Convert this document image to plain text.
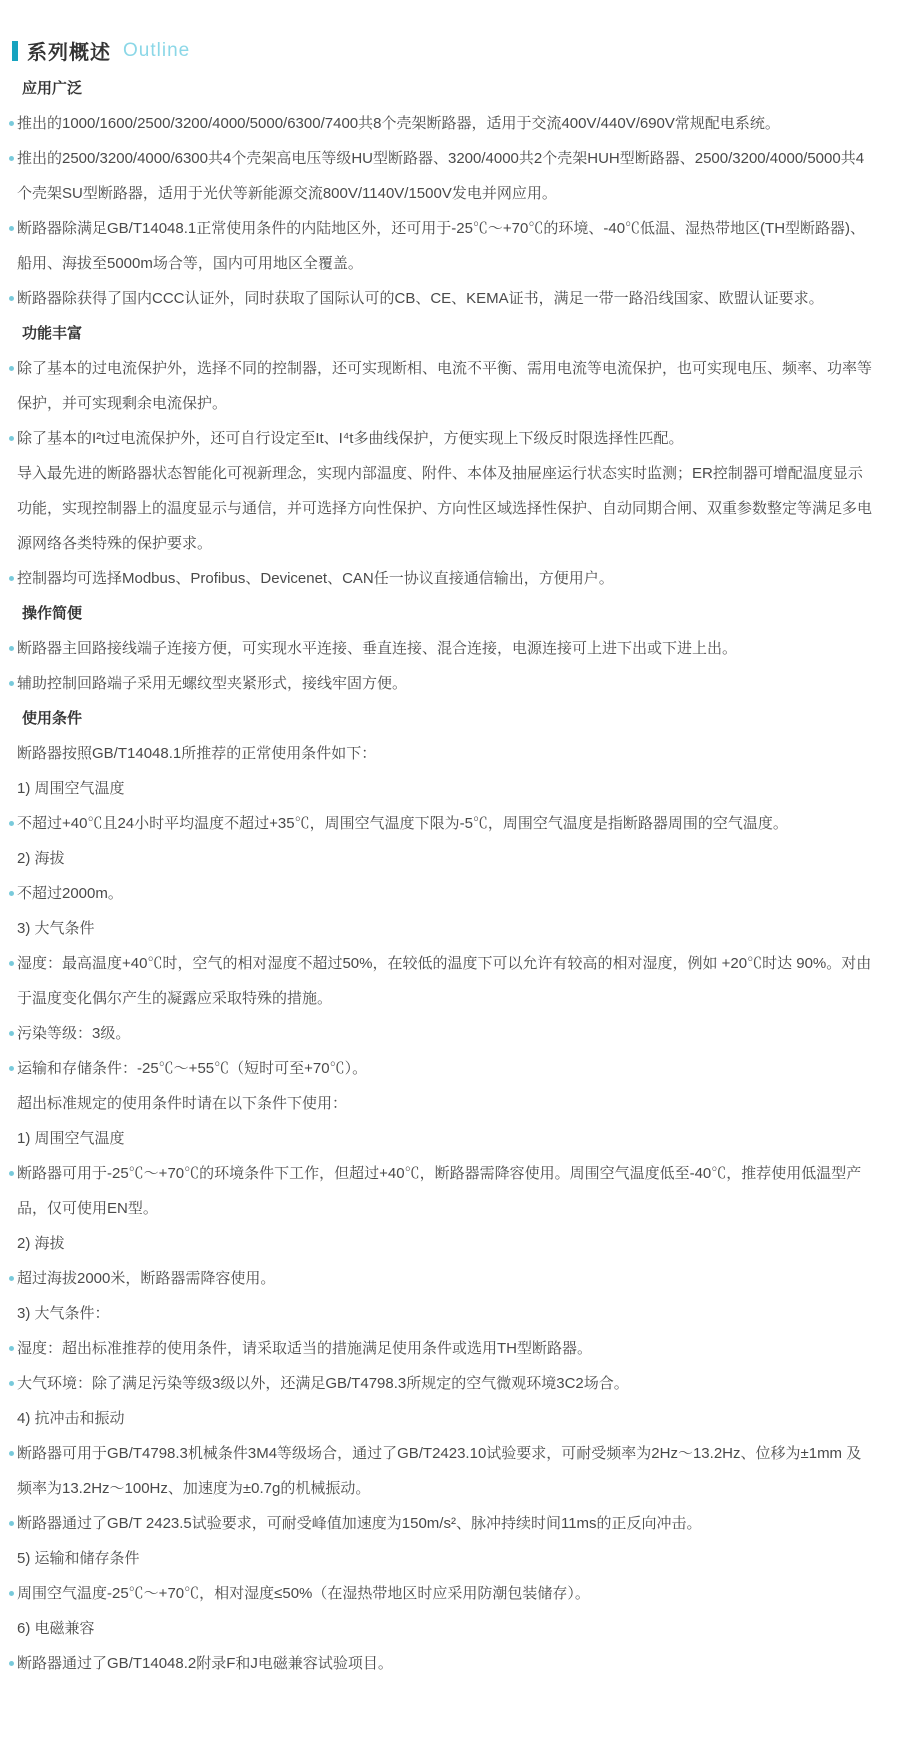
系列概述 Outline
应用广泛
推出的1000/1600/2500/3200/4000/5000/6300/7400共8个壳架断路器，适用于交流400V/440V/690V常规配电系统。
推出的2500/3200/4000/6300共4个壳架高电压等级HU型断路器、3200/4000共2个壳架HUH型断路器、2500/3200/4000/5000共4个壳架SU型断路器，适用于光伏等新能源交流800V/1140V/1500V发电并网应用。
断路器除满足GB/T14048.1正常使用条件的内陆地区外，还可用于-25℃～+70℃的环境、-40℃低温、湿热带地区(TH型断路器)、船用、海拔至5000m场合等，国内可用地区全覆盖。
断路器除获得了国内CCC认证外，同时获取了国际认可的CB、CE、KEMA证书，满足一带一路沿线国家、欧盟认证要求。
功能丰富
除了基本的过电流保护外，选择不同的控制器，还可实现断相、电流不平衡、需用电流等电流保护，也可实现电压、频率、功率等保护，并可实现剩余电流保护。
除了基本的I²t过电流保护外，还可自行设定至It、I⁴t多曲线保护，方便实现上下级反时限选择性匹配。
导入最先进的断路器状态智能化可视新理念，实现内部温度、附件、本体及抽屉座运行状态实时监测；ER控制器可增配温度显示功能，实现控制器上的温度显示与通信，并可选择方向性保护、方向性区域选择性保护、自动同期合闸、双重参数整定等满足多电源网络各类特殊的保护要求。
控制器均可选择Modbus、Profibus、Devicenet、CAN任一协议直接通信输出，方便用户。
操作简便
断路器主回路接线端子连接方便，可实现水平连接、垂直连接、混合连接，电源连接可上进下出或下进上出。
辅助控制回路端子采用无螺纹型夹紧形式，接线牢固方便。
使用条件
断路器按照GB/T14048.1所推荐的正常使用条件如下：
1) 周围空气温度
不超过+40℃且24小时平均温度不超过+35℃，周围空气温度下限为-5℃，周围空气温度是指断路器周围的空气温度。
2) 海拔
不超过2000m。
3) 大气条件
湿度：最高温度+40℃时，空气的相对湿度不超过50%，在较低的温度下可以允许有较高的相对湿度，例如 +20℃时达 90%。对由于温度变化偶尔产生的凝露应采取特殊的措施。
污染等级：3级。
运输和存储条件：-25℃～+55℃（短时可至+70℃）。
超出标准规定的使用条件时请在以下条件下使用：
1) 周围空气温度
断路器可用于-25℃～+70℃的环境条件下工作，但超过+40℃，断路器需降容使用。周围空气温度低至-40℃，推荐使用低温型产品，仅可使用EN型。
2) 海拔
超过海拔2000米，断路器需降容使用。
3) 大气条件：
湿度：超出标准推荐的使用条件，请采取适当的措施满足使用条件或选用TH型断路器。
大气环境：除了满足污染等级3级以外，还满足GB/T4798.3所规定的空气微观环境3C2场合。
4) 抗冲击和振动
断路器可用于GB/T4798.3机械条件3M4等级场合，通过了GB/T2423.10试验要求，可耐受频率为2Hz～13.2Hz、位移为±1mm 及频率为13.2Hz～100Hz、加速度为±0.7g的机械振动。
断路器通过了GB/T 2423.5试验要求，可耐受峰值加速度为150m/s²、脉冲持续时间11ms的正反向冲击。
5) 运输和储存条件
周围空气温度-25℃～+70℃，相对湿度≤50%（在湿热带地区时应采用防潮包装储存）。
6) 电磁兼容
断路器通过了GB/T14048.2附录F和J电磁兼容试验项目。
